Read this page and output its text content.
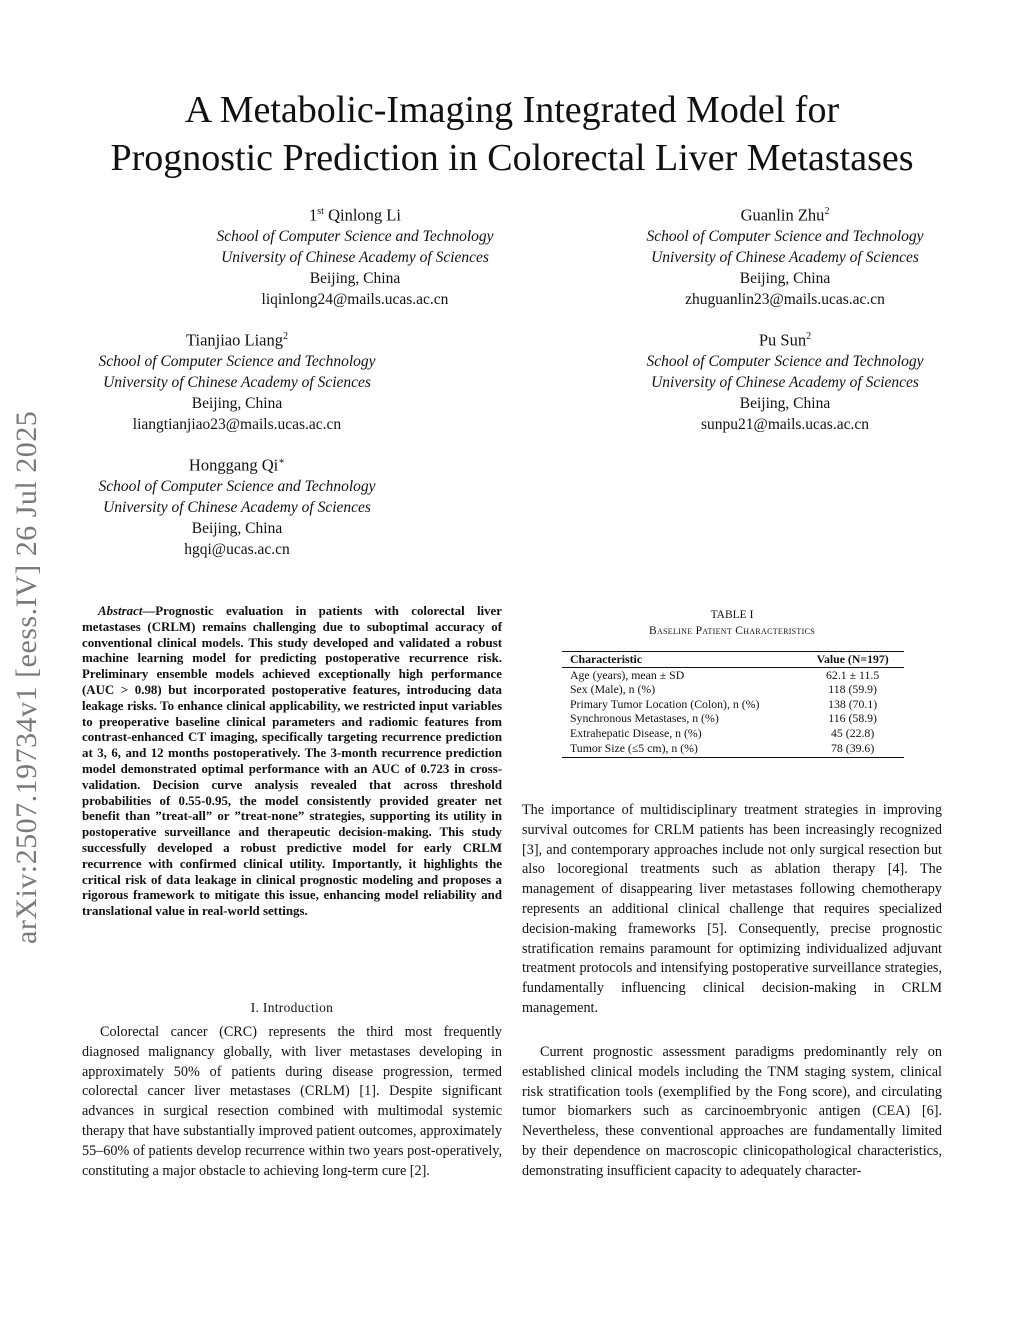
arXiv:2507.19734v1 [eess.IV] 26 Jul 2025
A Metabolic-Imaging Integrated Model for
Prognostic Prediction in Colorectal Liver Metastases
1st Qinlong Li
School of Computer Science and Technology
University of Chinese Academy of Sciences
Beijing, China
liqinlong24@mails.ucas.ac.cn
Guanlin Zhu$^2$
School of Computer Science and Technology
University of Chinese Academy of Sciences
Beijing, China
zhuguanlin23@mails.ucas.ac.cn
Tianjiao Liang$^2$
School of Computer Science and Technology
University of Chinese Academy of Sciences
Beijing, China
liangtianjiao23@mails.ucas.ac.cn
Pu Sun$^2$
School of Computer Science and Technology
University of Chinese Academy of Sciences
Beijing, China
sunpu21@mails.ucas.ac.cn
Honggang Qi∗
School of Computer Science and Technology
University of Chinese Academy of Sciences
Beijing, China
hgqi@ucas.ac.cn

Abstract—Prognostic evaluation in patients with colorectal liver metastases (CRLM) remains challenging due to suboptimal accuracy of conventional clinical models. This study developed and validated a robust machine learning model for predicting postoperative recurrence risk. Preliminary ensemble models achieved exceptionally high performance (AUC > 0.98) but incorporated postoperative features, introducing data leakage risks. To enhance clinical applicability, we restricted input variables to preoperative baseline clinical parameters and radiomic features from contrast-enhanced CT imaging, specifically targeting recurrence prediction at 3, 6, and 12 months postoperatively. The 3-month recurrence prediction model demonstrated optimal performance with an AUC of 0.723 in cross-validation. Decision curve analysis revealed that across threshold probabilities of 0.55-0.95, the model consistently provided greater net benefit than ”treat-all” or ”treat-none” strategies, supporting its utility in postoperative surveillance and therapeutic decision-making. This study successfully developed a robust predictive model for early CRLM recurrence with confirmed clinical utility. Importantly, it highlights the critical risk of data leakage in clinical prognostic modeling and proposes a rigorous framework to mitigate this issue, enhancing model reliability and translational value in real-world settings.

I. Introduction

Colorectal cancer (CRC) represents the third most frequently diagnosed malignancy globally, with liver metastases developing in approximately 50% of patients during disease progression, termed colorectal cancer liver metastases (CRLM) [1]. Despite significant advances in surgical resection combined with multimodal systemic therapy that have substantially improved patient outcomes, approximately 55–60% of patients develop recurrence within two years post-operatively, constituting a major obstacle to achieving long-term cure [2].

TABLE I
Baseline Patient Characteristics
Characteristic	Value (N=197)
Age (years), mean ± SD	62.1 ± 11.5
Sex (Male), n (%)	118 (59.9)
Primary Tumor Location (Colon), n (%)	138 (70.1)
Synchronous Metastases, n (%)	116 (58.9)
Extrahepatic Disease, n (%)	45 (22.8)
Tumor Size (≤5 cm), n (%)	78 (39.6)

The importance of multidisciplinary treatment strategies in improving survival outcomes for CRLM patients has been increasingly recognized [3], and contemporary approaches include not only surgical resection but also locoregional treatments such as ablation therapy [4]. The management of disappearing liver metastases following chemotherapy represents an additional clinical challenge that requires specialized decision-making frameworks [5]. Consequently, precise prognostic stratification remains paramount for optimizing individualized adjuvant treatment protocols and intensifying postoperative surveillance strategies, fundamentally influencing clinical decision-making in CRLM management.

Current prognostic assessment paradigms predominantly rely on established clinical models including the TNM staging system, clinical risk stratification tools (exemplified by the Fong score), and circulating tumor biomarkers such as carcinoembryonic antigen (CEA) [6]. Nevertheless, these conventional approaches are fundamentally limited by their dependence on macroscopic clinicopathological characteristics, demonstrating insufficient capacity to adequately character-
